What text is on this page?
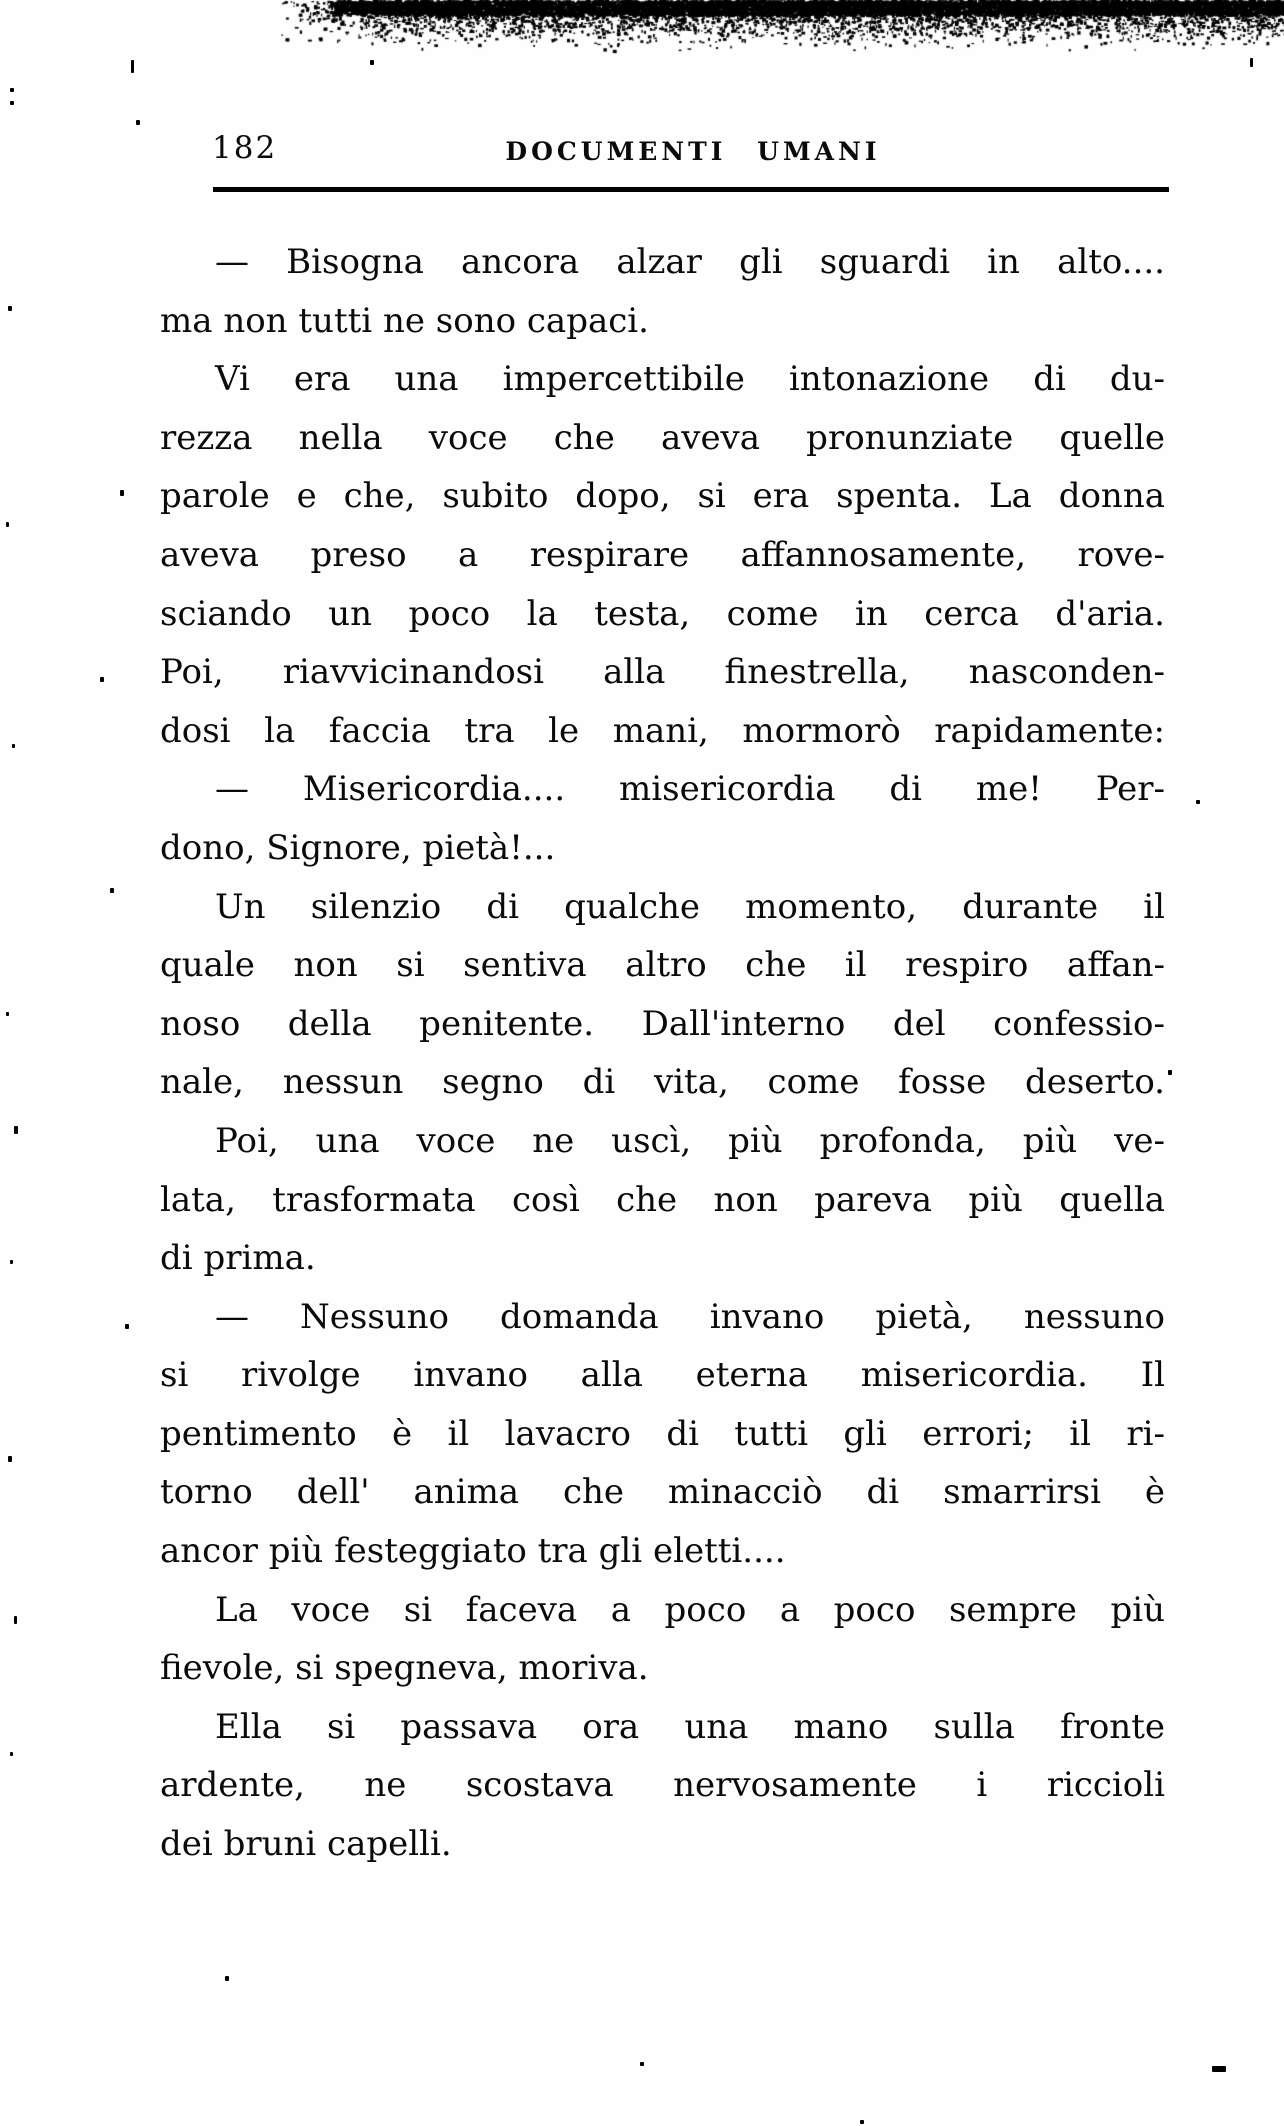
182	DOCUMENTI UMANI
— Bisogna ancora alzar gli sguardi in alto....
ma non tutti ne sono capaci.
Vi era una impercettibile intonazione di du-
rezza nella voce che aveva pronunziate quelle
parole e che, subito dopo, si era spenta. La donna
aveva preso a respirare affannosamente, rove-
sciando un poco la testa, come in cerca d'aria.
Poi, riavvicinandosi alla finestrella, nasconden-
dosi la faccia tra le mani, mormorò rapidamente:
— Misericordia.... misericordia di me! Per-
dono, Signore, pietà!...
Un silenzio di qualche momento, durante il
quale non si sentiva altro che il respiro affan-
noso della penitente. Dall'interno del confessio-
nale, nessun segno di vita, come fosse deserto.
Poi, una voce ne uscì, più profonda, più ve-
lata, trasformata così che non pareva più quella
di prima.
— Nessuno domanda invano pietà, nessuno
si rivolge invano alla eterna misericordia. Il
pentimento è il lavacro di tutti gli errori; il ri-
torno dell' anima che minacciò di smarrirsi è
ancor più festeggiato tra gli eletti....
La voce si faceva a poco a poco sempre più
fievole, si spegneva, moriva.
Ella si passava ora una mano sulla fronte
ardente, ne scostava nervosamente i riccioli
dei bruni capelli.
